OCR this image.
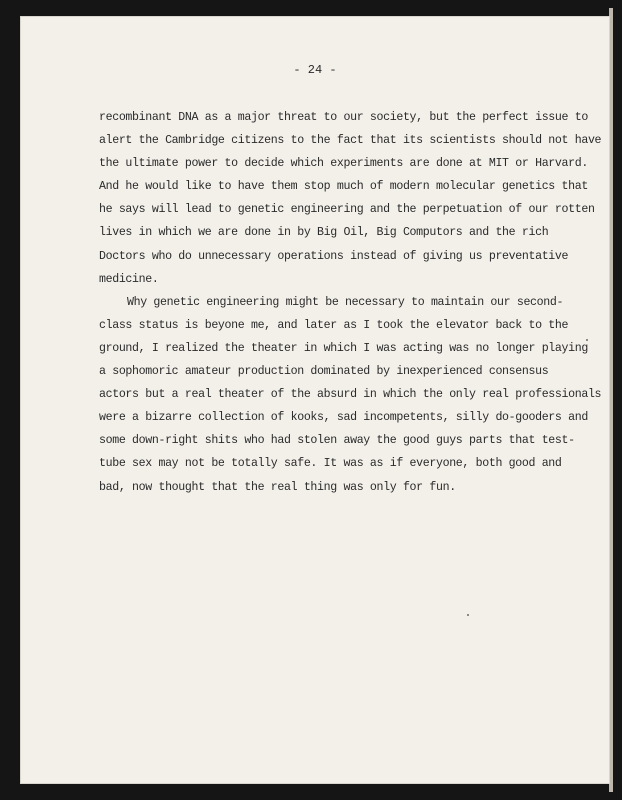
- 24 -
recombinant DNA as a major threat to our society, but the perfect issue to
alert the Cambridge citizens to the fact that its scientists should not have
the ultimate power to decide which experiments are done at MIT or Harvard.
And he would like to have them stop much of modern molecular genetics that
he says will lead to genetic engineering and the perpetuation of our rotten
lives in which we are done in by Big Oil, Big Computors and the rich
Doctors who do unnecessary operations instead of giving us preventative
medicine.
Why genetic engineering might be necessary to maintain our second-
class status is beyone me, and later as I took the elevator back to the
ground, I realized the theater in which I was acting was no longer playing
a sophomoric amateur production dominated by inexperienced consensus
actors but a real theater of the absurd in which the only real professionals
were a bizarre collection of kooks, sad incompetents, silly do-gooders and
some down-right shits who had stolen away the good guys parts that test-
tube sex may not be totally safe. It was as if everyone, both good and
bad, now thought that the real thing was only for fun.
